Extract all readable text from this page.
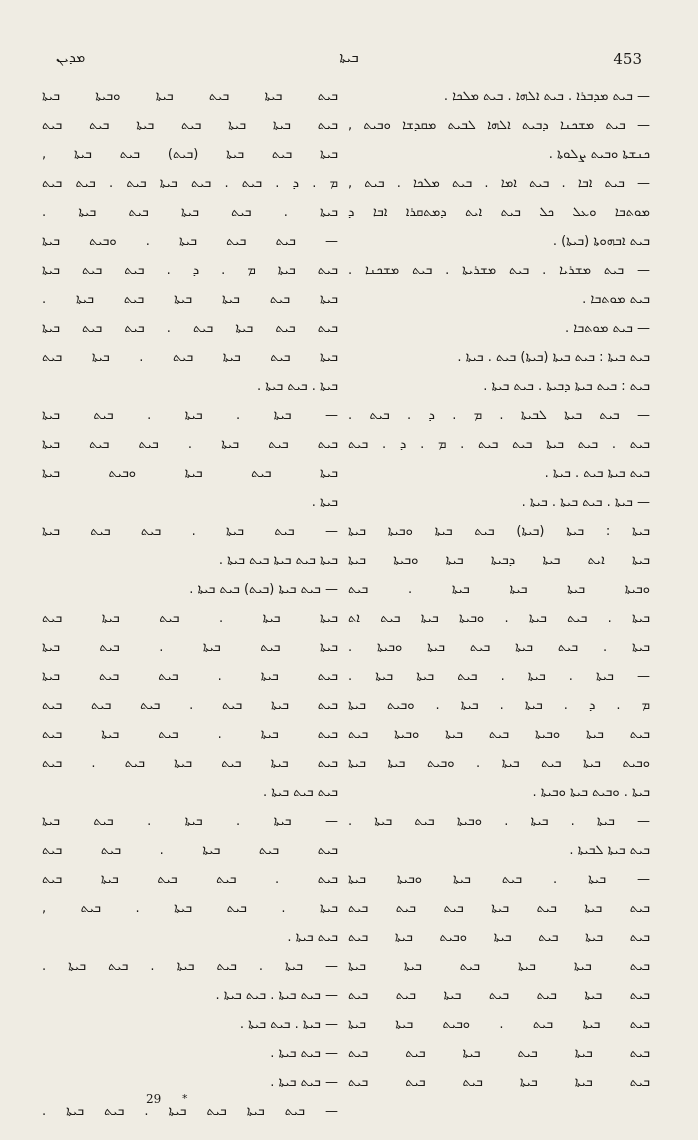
ܡܕܝܢ	ܒܝܬܐ	453
— ܒܝܬ ܡܕܒܪܐ . ܒܝܬ ܐܠܗܐ . ܒܝܬ ܡܠܟܐ .
— ܒܝܬ ܡܫܟܢܐ ܕܒܝܬ ܐܠܗܐ ܠܒܝܬ ܡܩܕܫܐ ܘܒܝܬ ,
ܟܢܫܬܐ ܘܒܝܬ ܨܠܘܬܐ .
— ܒܝܬ ܐܒܐ . ܒܝܬ ܐܡܐ . ܒܝܬ ܡܠܟܐ . ܒܝܬ ,
ܡܘܬܒܐ ܘܥܠ ܟܠ ܒܝܬ ܐܝܬ ܕܡܬܩܪܐ ܐܒܐ ܕ
ܒܝܬ ܐܒܗܘܬܐ (ܒܝܬܐ) .
— ܒܝܬ ܡܫܪܝܐ . ܒܝܬ ܡܫܪܝܬܐ . ܒܝܬ ܡܫܟܢܐ .
ܒܝܬ ܡܘܬܒܐ .
— ܒܝܬ ܡܘܬܒܐ .
ܒܝܬ ܒܝܬܐ : ܒܝܬ ܒܝܬܐ (ܒܝܬܐ) ܒܝܬ . ܒܝܬܐ .
ܒܝܬ : ܒܝܬ ܒܝܬܐ ܕܒܝܬܐ . ܒܝܬ ܒܝܬܐ .
— ܒܝܬ ܒܝܬܐ ܠܒܝܬܐ . ܡ . ܕ . ܒܝܬ .
ܒܝܬ . ܒܝܬ ܒܝܬܐ ܒܝܬ ܒܝܬ . ܡ . ܕ . ܒܝܬ
ܒܝܬ ܒܝܬܐ ܒܝܬ . ܒܝܬܐ .
— ܒܝܬܐ . ܒܝܬ ܒܝܬܐ . ܒܝܬܐ .
ܒܝܬܐ : ܒܝܬܐ (ܒܝܬܐ) ܒܝܬ ܒܝܬܐ ܘܒܝܬܐ ܒܝܬܐ
ܒܝܬܐ ܐܝܬ ܒܝܬܐ ܕܒܝܬܐ ܒܝܬܐ ܘܒܝܬܐ ܒܝܬܐ
ܘܒܝܬܐ ܒܝܬܐ ܒܝܬܐ ܒܝܬܐ . ܒܝܬ
ܒܝܬܐ . ܒܝܬ ܒܝܬܐ . ܘܒܝܬܐ ܒܝܬܐ ܒܝܬ ܐܬ
ܒܝܬܐ . ܒܝܬ ܒܝܬܐ ܒܝܬ ܒܝܬܐ ܘܒܝܬܐ .
— ܒܝܬܐ . ܒܝܬܐ . ܒܝܬ ܒܝܬܐ ܒܝܬܐ .
ܡ . ܕ . ܒܝܬܐ . ܒܝܬܐ . ܘܒܝܬ ܒܝܬܐ
ܒܝܬ ܒܝܬܐ ܘܒܝܬܐ ܒܝܬ ܒܝܬܐ ܘܒܝܬܐ ܒܝܬ
ܘܒܝܬ ܒܝܬܐ ܒܝܬ ܒܝܬܐ . ܘܒܝܬ ܒܝܬܐ ܒܝܬܐ
ܒܝܬܐ . ܘܒܝܬ ܒܝܬܐ ܘܒܝܬܐ .
— ܒܝܬܐ . ܒܝܬܐ . ܘܒܝܬܐ ܒܝܬ ܒܝܬܐ .
ܒܝܬ ܒܝܬܐ ܠܒܝܬܐ .
— ܒܝܬܐ . ܒܝܬ ܒܝܬܐ ܘܒܝܬܐ ܒܝܬܐ
ܒܝܬ ܒܝܬܐ ܒܝܬ ܒܝܬܐ ܒܝܬ ܒܝܬ ܒܝܬ
ܒܝܬ ܒܝܬܐ ܒܝܬ ܒܝܬܐ ܘܒܝܬ ܒܝܬܐ ܒܝܬ
ܒܝܬ ܒܝܬܐ ܒܝܬܐ ܒܝܬ ܒܝܬܐ ܒܝܬܐ
ܒܝܬ ܒܝܬܐ ܒܝܬ ܒܝܬ ܒܝܬܐ ܒܝܬ ܒܝܬ
ܒܝܬ ܒܝܬܐ ܒܝܬ . ܘܒܝܬ ܒܝܬܐ ܒܝܬܐ
ܒܝܬ ܒܝܬܐ ܒܝܬ ܒܝܬܐ ܒܝܬ ܒܝܬ
ܒܝܬ ܒܝܬܐ ܒܝܬܐ ܒܝܬ ܒܝܬ ܒܝܬ
ܒܝܬ ܒܝܬܐ ܒܝܬ ܒܝܬܐ ܘܒܝܬܐ ܒܝܬܐ
ܒܝܬ ܒܝܬܐ ܒܝܬܐ ܒܝܬ ܒܝܬܐ ܒܝܬ ܒܝܬ
ܒܝܬܐ ܒܝܬ ܒܝܬܐ (ܒܝܬ) ܒܝܬ ܒܝܬܐ ,
ܡ . ܕ . ܒܝܬ . ܒܝܬ ܒܝܬܐ ܒܝܬ . ܒܝܬ ܒܝܬ
ܒܝܬܐ . ܒܝܬ ܒܝܬܐ ܒܝܬ ܒܝܬܐ .
— ܒܝܬ ܒܝܬ ܒܝܬܐ . ܘܒܝܬ ܒܝܬܐ
ܒܝܬ ܒܝܬܐ ܡ . ܕ . ܒܝܬ ܒܝܬ ܒܝܬܐ
ܒܝܬܐ ܒܝܬ ܒܝܬܐ ܒܝܬܐ ܒܝܬ ܒܝܬܐ .
ܒܝܬ ܒܝܬ ܒܝܬܐ ܒܝܬ . ܒܝܬ ܒܝܬ ܒܝܬܐ
ܒܝܬܐ ܒܝܬ ܒܝܬܐ ܒܝܬ . ܒܝܬܐ ܒܝܬ
ܒܝܬܐ . ܒܝܬ ܒܝܬܐ .
— ܒܝܬܐ . ܒܝܬܐ . ܒܝܬ ܒܝܬܐ
ܒܝܬ ܒܝܬ ܒܝܬܐ . ܒܝܬ ܒܝܬ ܒܝܬܐ
ܒܝܬܐ ܒܝܬ ܒܝܬܐ ܘܒܝܬ ܒܝܬܐ
ܒܝܬܐ .
— ܒܝܬ ܒܝܬܐ . ܒܝܬ ܒܝܬ ܒܝܬܐ
ܒܝܬܐ ܒܝܬ ܒܝܬܐ ܒܝܬ ܒܝܬܐ .
— ܒܝܬ ܒܝܬܐ (ܒܝܬ) ܒܝܬ ܒܝܬܐ .
ܒܝܬܐ ܒܝܬܐ . ܒܝܬ ܒܝܬܐ ܒܝܬ
ܒܝܬܐ ܒܝܬ ܒܝܬܐ . ܒܝܬ ܒܝܬܐ
ܒܝܬ ܒܝܬܐ . ܒܝܬ ܒܝܬ ܒܝܬܐ
ܒܝܬ ܒܝܬܐ ܒܝܬ . ܒܝܬ ܒܝܬ ܒܝܬ
ܒܝܬ ܒܝܬܐ . ܒܝܬ ܒܝܬܐ ܒܝܬ
ܒܝܬ ܒܝܬܐ ܒܝܬ ܒܝܬܐ ܒܝܬ . ܒܝܬ
ܒܝܬ ܒܝܬ ܒܝܬܐ .
— ܒܝܬܐ . ܒܝܬܐ . ܒܝܬ ܒܝܬܐ
ܒܝܬ ܒܝܬ ܒܝܬܐ . ܒܝܬ ܒܝܬ
ܒܝܬ . ܒܝܬ ܒܝܬ ܒܝܬܐ ܒܝܬ
ܒܝܬܐ . ܒܝܬ ܒܝܬܐ . ܒܝܬ ,
ܒܝܬ ܒܝܬܐ .
— ܒܝܬܐ . ܒܝܬ ܒܝܬܐ . ܒܝܬ ܒܝܬܐ .
— ܒܝܬ ܒܝܬܐ . ܒܝܬ ܒܝܬܐ .
— ܒܝܬܐ . ܒܝܬ ܒܝܬܐ .
— ܒܝܬ ܒܝܬܐ .
— ܒܝܬ ܒܝܬܐ .
— ܒܝܬ ܒܝܬܐ ܒܝܬ ܒܝܬܐ . ܒܝܬ ܒܝܬܐ .
29 *
